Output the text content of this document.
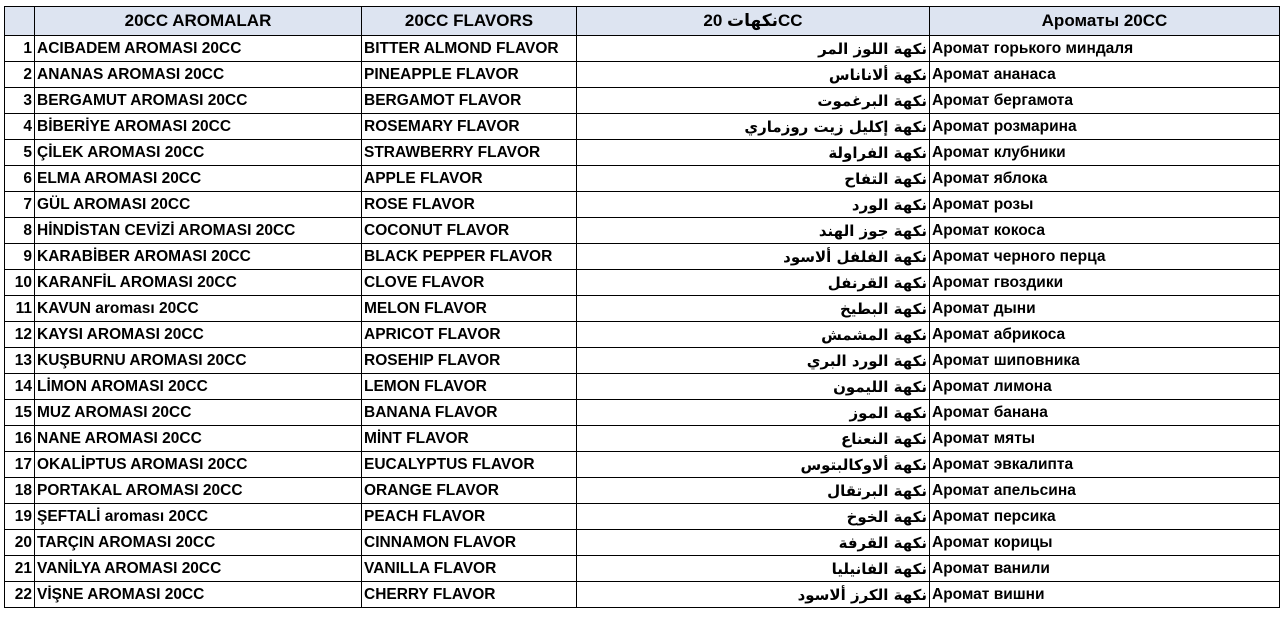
	20CC AROMALAR	20CC FLAVORS	نكهات 20CC	Ароматы 20CC
1	ACIBADEM AROMASI 20CC	BITTER ALMOND FLAVOR	نكهة اللوز المر	Аромат горького миндаля
2	ANANAS AROMASI 20CC	PINEAPPLE FLAVOR	نكهة ألاناناس	Аромат ананаса
3	BERGAMUT AROMASI 20CC	BERGAMOT FLAVOR	نكهة البرغموت	Аромат бергамота
4	BİBERİYE AROMASI 20CC	ROSEMARY FLAVOR	نكهة إكليل زيت روزماري	Аромат розмарина
5	ÇİLEK AROMASI 20CC	STRAWBERRY FLAVOR	نكهة الفراولة	Аромат клубники
6	ELMA AROMASI 20CC	APPLE FLAVOR	نكهة التفاح	Аромат яблока
7	GÜL AROMASI 20CC	ROSE FLAVOR	نكهة الورد	Аромат розы
8	HİNDİSTAN CEVİZİ AROMASI 20CC	COCONUT FLAVOR	نكهة جوز الهند	Аромат кокоса
9	KARABİBER AROMASI 20CC	BLACK PEPPER FLAVOR	نكهة الفلفل ألاسود	Аромат черного перца
10	KARANFİL AROMASI 20CC	CLOVE FLAVOR	نكهة القرنفل	Аромат гвоздики
11	KAVUN aroması 20CC	MELON FLAVOR	نكهة البطيخ	Аромат дыни
12	KAYSI AROMASI 20CC	APRICOT FLAVOR	نكهة المشمش	Аромат абрикоса
13	KUŞBURNU AROMASI 20CC	ROSEHIP FLAVOR	نكهة الورد البري	Аромат шиповника
14	LİMON AROMASI 20CC	LEMON FLAVOR	نكهة الليمون	Аромат лимона
15	MUZ AROMASI 20CC	BANANA FLAVOR	نكهة الموز	Аромат банана
16	NANE AROMASI 20CC	MİNT FLAVOR	نكهة النعناع	Аромат мяты
17	OKALİPTUS AROMASI 20CC	EUCALYPTUS FLAVOR	نكهة ألاوكالبتوس	Аромат эвкалипта
18	PORTAKAL AROMASI 20CC	ORANGE FLAVOR	نكهة البرتقال	Аромат апельсина
19	ŞEFTALİ aroması 20CC	PEACH FLAVOR	نكهة الخوخ	Аромат персика
20	TARÇIN AROMASI 20CC	CINNAMON FLAVOR	نكهة القرفة	Аромат корицы
21	VANİLYA AROMASI 20CC	VANILLA FLAVOR	نكهة الفانيليا	Аромат ванили
22	VİŞNE AROMASI 20CC	CHERRY FLAVOR	نكهة الكرز ألاسود	Аромат вишни
